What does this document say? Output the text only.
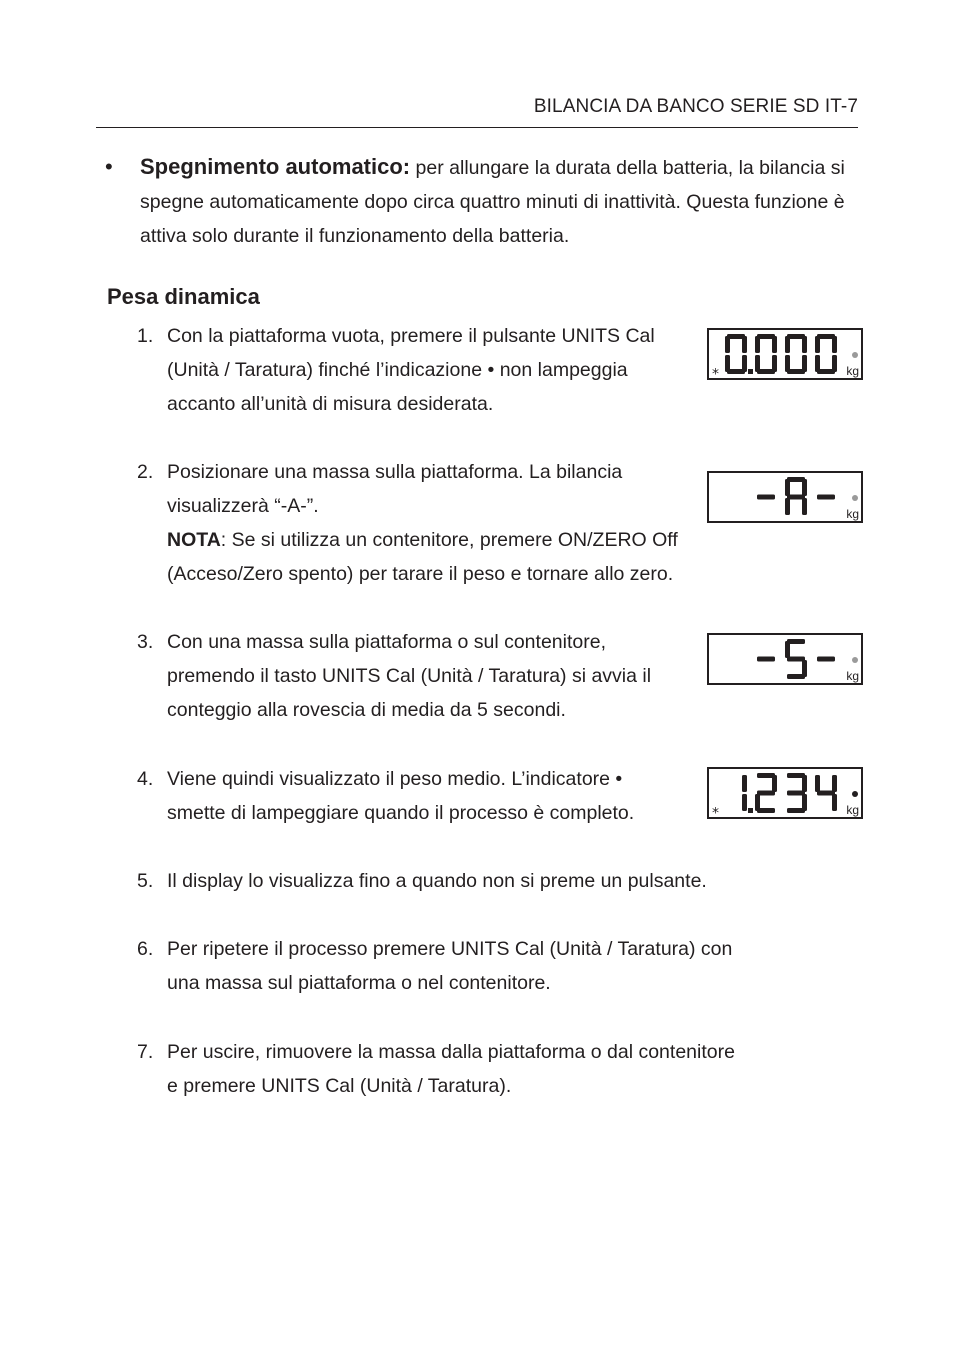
BILANCIA DA BANCO SERIE SD IT-7
• Spegnimento automatico: per allungare la durata della batteria, la bilancia si spegne automaticamente dopo circa quattro minuti di inattività. Questa funzione è attiva solo durante il funzionamento della batteria.
Pesa dinamica
1. Con la piattaforma vuota, premere il pulsante UNITS Cal
(Unità / Taratura) finché l’indicazione • non lampeggia
accanto all’unità di misura desiderata.
2. Posizionare una massa sulla piattaforma. La bilancia
visualizzerà “-A-”.
NOTA: Se si utilizza un contenitore, premere ON/ZERO Off
(Acceso/Zero spento) per tarare il peso e tornare allo zero.
3. Con una massa sulla piattaforma o sul contenitore,
premendo il tasto UNITS Cal (Unità / Taratura) si avvia il
conteggio alla rovescia di media da 5 secondi.
4. Viene quindi visualizzato il peso medio. L’indicatore •
smette di lampeggiare quando il processo è completo.
5. Il display lo visualizza fino a quando non si preme un pulsante.
6. Per ripetere il processo premere UNITS Cal (Unità / Taratura) con
una massa sul piattaforma o nel contenitore.
7. Per uscire, rimuovere la massa dalla piattaforma o dal contenitore
e premere UNITS Cal (Unità / Taratura).
⁎	kg
kg
kg
⁎	kg
